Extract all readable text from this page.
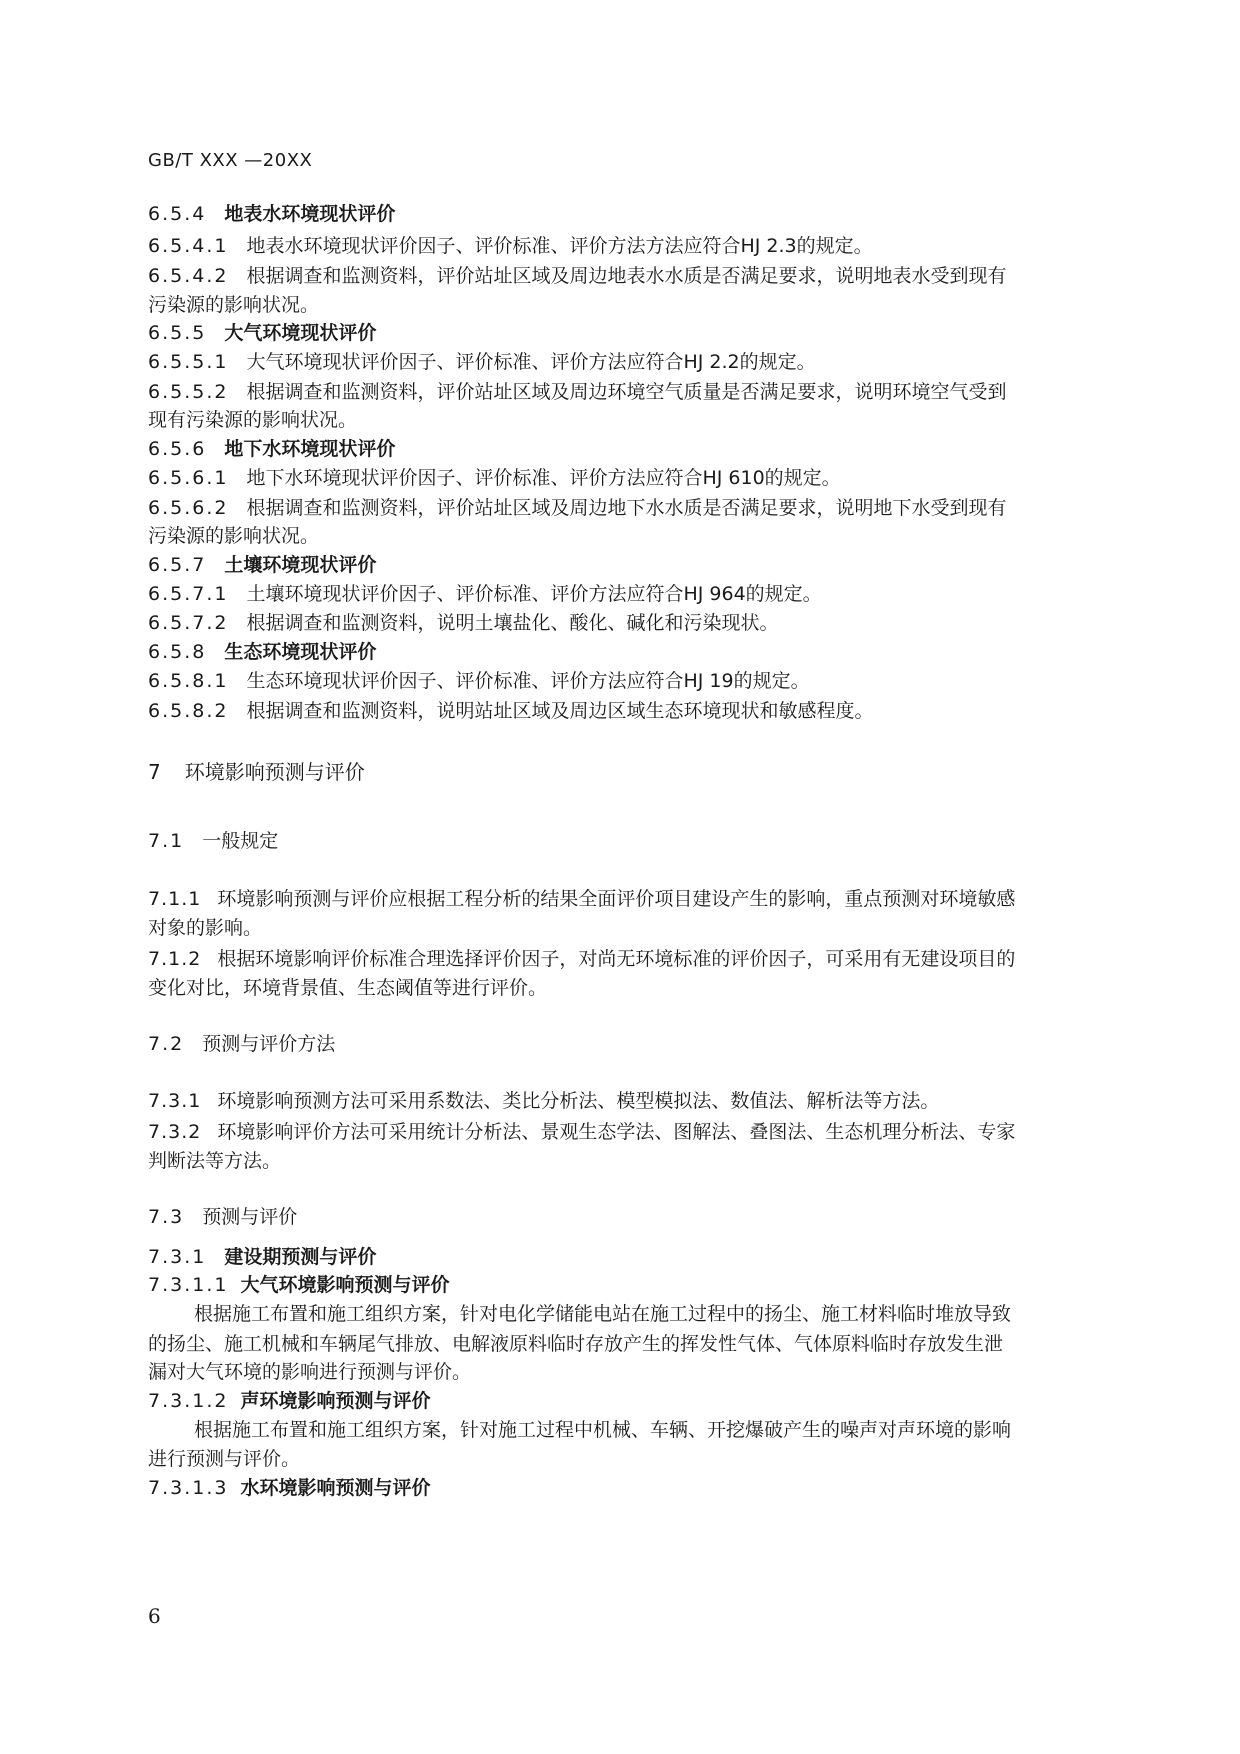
GB/T XXX —20XX
6.5.4 地表水环境现状评价
6.5.4.1 地表水环境现状评价因子、评价标准、评价方法方法应符合HJ 2.3的规定。
6.5.4.2 根据调查和监测资料，评价站址区域及周边地表水水质是否满足要求，说明地表水受到现有
污染源的影响状况。
6.5.5 大气环境现状评价
6.5.5.1 大气环境现状评价因子、评价标准、评价方法应符合HJ 2.2的规定。
6.5.5.2 根据调查和监测资料，评价站址区域及周边环境空气质量是否满足要求，说明环境空气受到
现有污染源的影响状况。
6.5.6 地下水环境现状评价
6.5.6.1 地下水环境现状评价因子、评价标准、评价方法应符合HJ 610的规定。
6.5.6.2 根据调查和监测资料，评价站址区域及周边地下水水质是否满足要求，说明地下水受到现有
污染源的影响状况。
6.5.7 土壤环境现状评价
6.5.7.1 土壤环境现状评价因子、评价标准、评价方法应符合HJ 964的规定。
6.5.7.2 根据调查和监测资料，说明土壤盐化、酸化、碱化和污染现状。
6.5.8 生态环境现状评价
6.5.8.1 生态环境现状评价因子、评价标准、评价方法应符合HJ 19的规定。
6.5.8.2 根据调查和监测资料，说明站址区域及周边区域生态环境现状和敏感程度。
7 环境影响预测与评价
7.1 一般规定
7.1.1 环境影响预测与评价应根据工程分析的结果全面评价项目建设产生的影响，重点预测对环境敏感
对象的影响。
7.1.2 根据环境影响评价标准合理选择评价因子，对尚无环境标准的评价因子，可采用有无建设项目的
变化对比，环境背景值、生态阈值等进行评价。
7.2 预测与评价方法
7.3.1 环境影响预测方法可采用系数法、类比分析法、模型模拟法、数值法、解析法等方法。
7.3.2 环境影响评价方法可采用统计分析法、景观生态学法、图解法、叠图法、生态机理分析法、专家
判断法等方法。
7.3 预测与评价
7.3.1 建设期预测与评价
7.3.1.1 大气环境影响预测与评价
根据施工布置和施工组织方案，针对电化学储能电站在施工过程中的扬尘、施工材料临时堆放导致
的扬尘、施工机械和车辆尾气排放、电解液原料临时存放产生的挥发性气体、气体原料临时存放发生泄
漏对大气环境的影响进行预测与评价。
7.3.1.2 声环境影响预测与评价
根据施工布置和施工组织方案，针对施工过程中机械、车辆、开挖爆破产生的噪声对声环境的影响
进行预测与评价。
7.3.1.3 水环境影响预测与评价
6
